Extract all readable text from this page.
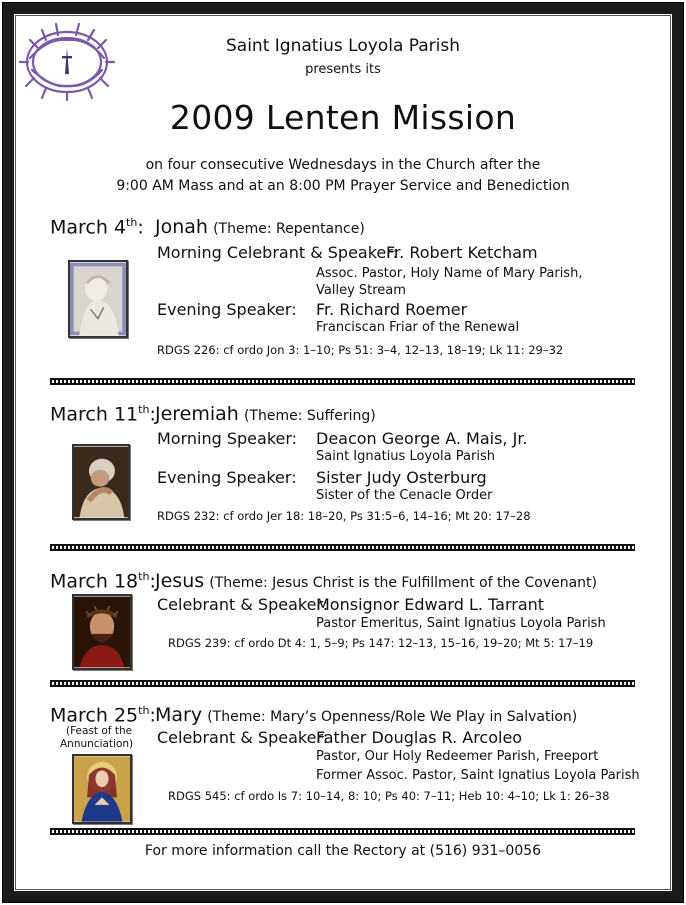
Saint Ignatius Loyola Parish
presents its
2009 Lenten Mission
on four consecutive Wednesdays in the Church after the
9:00 AM Mass and at an 8:00 PM Prayer Service and Benediction
March 4th: Jonah (Theme: Repentance)
Morning Celebrant & Speaker:
Fr. Robert Ketcham
Assoc. Pastor, Holy Name of Mary Parish,
Valley Stream
Evening Speaker: Fr. Richard Roemer
Franciscan Friar of the Renewal
RDGS 226: cf ordo Jon 3: 1–10; Ps 51: 3–4, 12–13, 18–19; Lk 11: 29–32
March 11th: Jeremiah (Theme: Suffering)
Morning Speaker: Deacon George A. Mais, Jr.
Saint Ignatius Loyola Parish
Evening Speaker: Sister Judy Osterburg
Sister of the Cenacle Order
RDGS 232: cf ordo Jer 18: 18–20, Ps 31:5–6, 14–16; Mt 20: 17–28
March 18th: Jesus (Theme: Jesus Christ is the Fulfillment of the Covenant)
Celebrant & Speaker:
Monsignor Edward L. Tarrant
Pastor Emeritus, Saint Ignatius Loyola Parish
RDGS 239: cf ordo Dt 4: 1, 5–9; Ps 147: 12–13, 15–16, 19–20; Mt 5: 17–19
March 25th:
(Feast of the
Annunciation)
Mary (Theme: Mary’s Openness/Role We Play in Salvation)
Celebrant & Speaker:
Father Douglas R. Arcoleo
Pastor, Our Holy Redeemer Parish, Freeport
Former Assoc. Pastor, Saint Ignatius Loyola Parish
RDGS 545: cf ordo Is 7: 10–14, 8: 10; Ps 40: 7–11; Heb 10: 4–10; Lk 1: 26–38
For more information call the Rectory at (516) 931–0056
